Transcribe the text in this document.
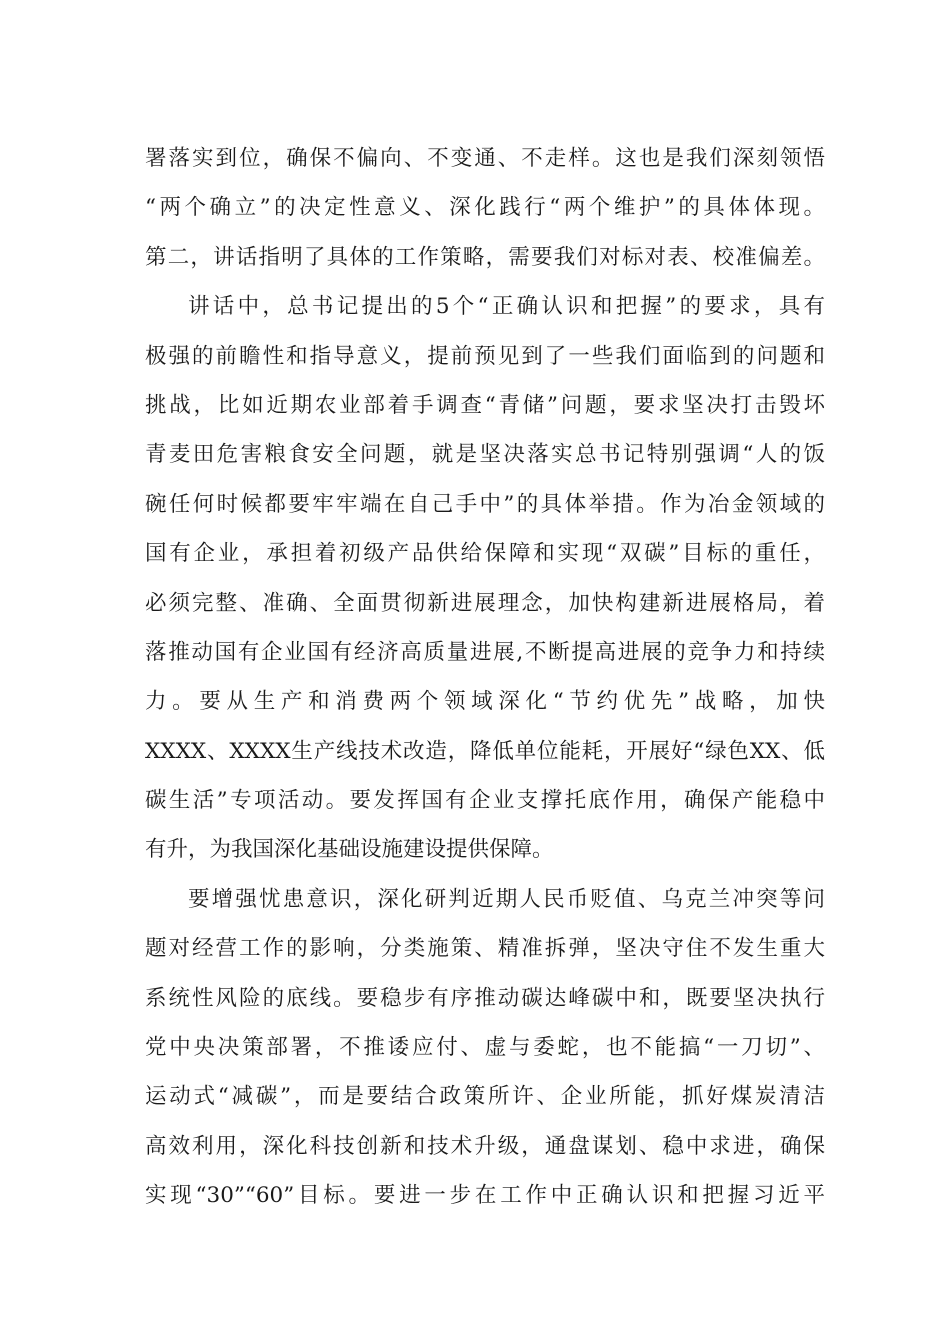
署落实到位，确保不偏向、不变通、不走样。这也是我们深刻领悟
“两个确立”的决定性意义、深化践行“两个维护”的具体体现。
第二，讲话指明了具体的工作策略，需要我们对标对表、校准偏差。
讲话中，总书记提出的5个“正确认识和把握”的要求，具有
极强的前瞻性和指导意义，提前预见到了一些我们面临到的问题和
挑战，比如近期农业部着手调查“青储”问题，要求坚决打击毁坏
青麦田危害粮食安全问题，就是坚决落实总书记特别强调“人的饭
碗任何时候都要牢牢端在自己手中”的具体举措。作为冶金领域的
国有企业，承担着初级产品供给保障和实现“双碳”目标的重任，
必须完整、准确、全面贯彻新进展理念，加快构建新进展格局，着
落推动国有企业国有经济高质量进展,不断提高进展的竞争力和持续
力。要从生产和消费两个领域深化“节约优先”战略，加快
XXXX、XXXX生产线技术改造，降低单位能耗，开展好“绿色XX、低
碳生活”专项活动。要发挥国有企业支撑托底作用，确保产能稳中
有升，为我国深化基础设施建设提供保障。
要增强忧患意识，深化研判近期人民币贬值、乌克兰冲突等问
题对经营工作的影响，分类施策、精准拆弹，坚决守住不发生重大
系统性风险的底线。要稳步有序推动碳达峰碳中和，既要坚决执行
党中央决策部署，不推诿应付、虚与委蛇，也不能搞“一刀切”、
运动式“减碳”，而是要结合政策所许、企业所能，抓好煤炭清洁
高效利用，深化科技创新和技术升级，通盘谋划、稳中求进，确保
实现“30”“60”目标。要进一步在工作中正确认识和把握习近平
